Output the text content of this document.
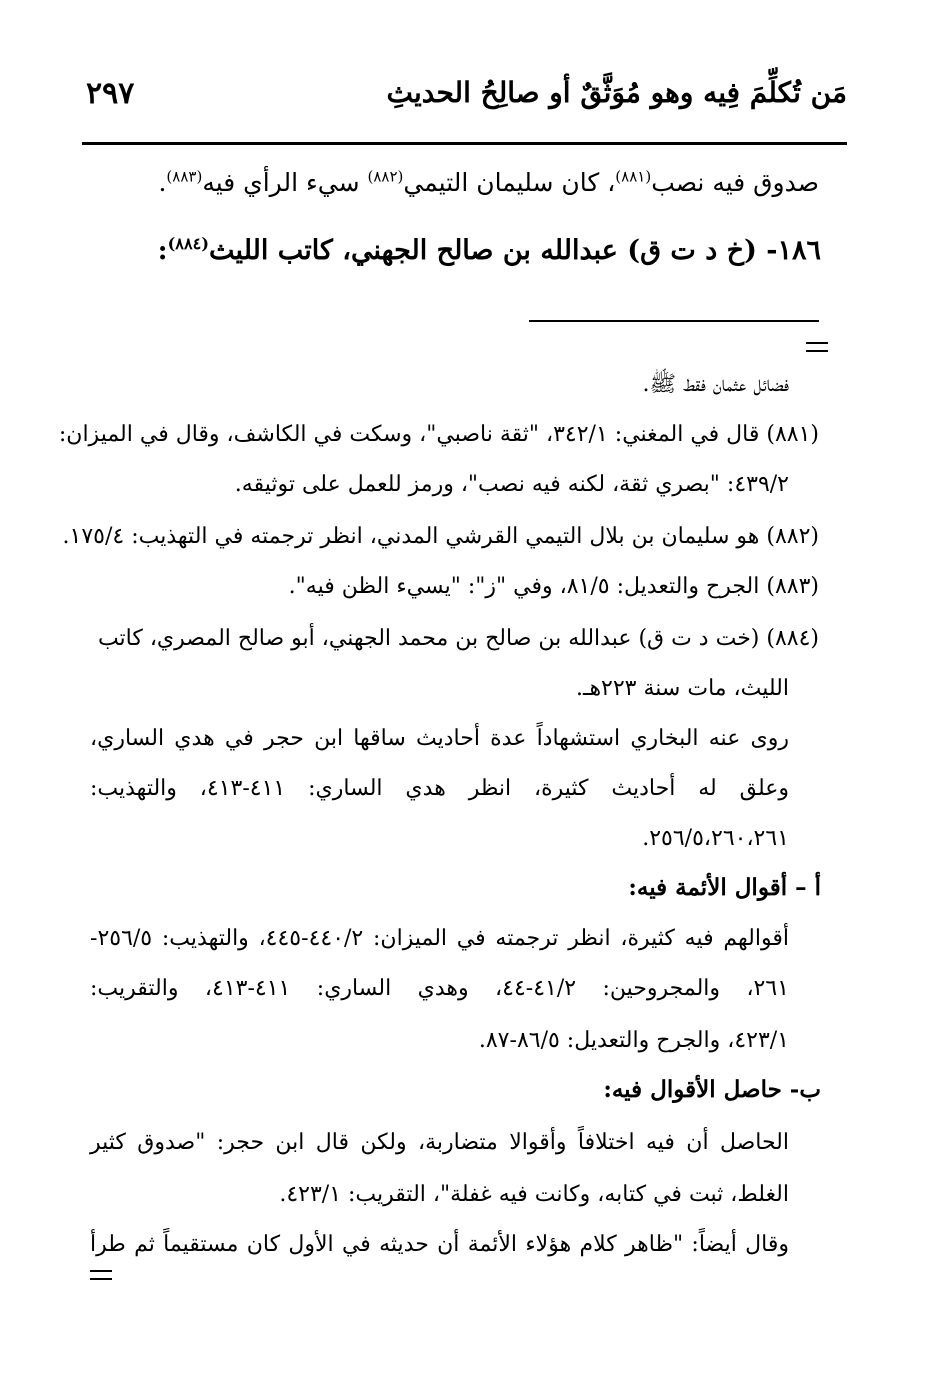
مَن تُكلِّمَ فِيه وهو مُوَثَّقٌ أو صالِحُ الحديثِ
٢٩٧
صدوق فيه نصب$^{(٨٨١)}$، كان سليمان التيمي$^{(٨٨٢)}$ سيء الرأي فيه$^{(٨٨٣)}$.
١٨٦- (خ د ت ق) عبدالله بن صالح الجهني، كاتب الليث$^{(٨٨٤)}$:
فضائل عثمان فقط ﷺ.
(٨٨١) قال في المغني: ٣٤٢/١، "ثقة ناصبي"، وسكت في الكاشف، وقال في الميزان:
٤٣٩/٢: "بصري ثقة، لكنه فيه نصب"، ورمز للعمل على توثيقه.
(٨٨٢) هو سليمان بن بلال التيمي القرشي المدني، انظر ترجمته في التهذيب: ١٧٥/٤.
(٨٨٣) الجرح والتعديل: ٨١/٥، وفي "ز": "يسيء الظن فيه".
(٨٨٤) (خت د ت ق) عبدالله بن صالح بن محمد الجهني، أبو صالح المصري، كاتب
الليث، مات سنة ٢٢٣هـ.
روى عنه البخاري استشهاداً عدة أحاديث ساقها ابن حجر في هدي الساري،
وعلق له أحاديث كثيرة، انظر هدي الساري: ٤١١-٤١٣، والتهذيب:
٢٥٦/٥،٢٦٠،٢٦١.
أ – أقوال الأئمة فيه:
أقوالهم فيه كثيرة، انظر ترجمته في الميزان: ٤٤٠/٢-٤٤٥، والتهذيب: ٢٥٦/٥-
٢٦١، والمجروحين: ٤١/٢-٤٤، وهدي الساري: ٤١١-٤١٣، والتقريب:
٤٢٣/١، والجرح والتعديل: ٨٦/٥-٨٧.
ب- حاصل الأقوال فيه:
الحاصل أن فيه اختلافاً وأقوالا متضاربة، ولكن قال ابن حجر: "صدوق كثير
الغلط، ثبت في كتابه، وكانت فيه غفلة"، التقريب: ٤٢٣/١.
وقال أيضاً: "ظاهر كلام هؤلاء الأئمة أن حديثه في الأول كان مستقيماً ثم طرأ
